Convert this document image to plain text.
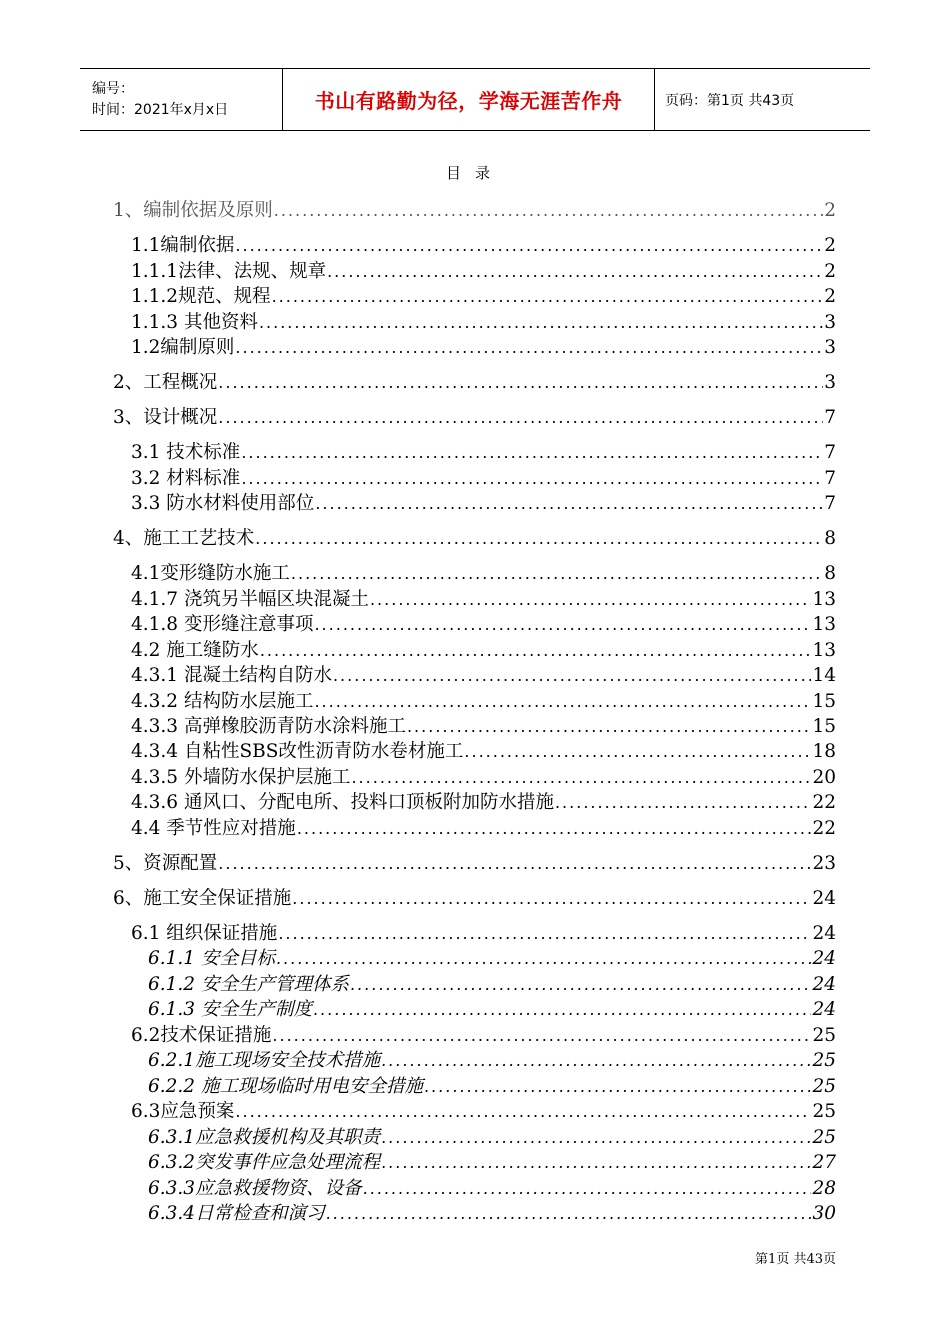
编号：
时间：2021年x月x日	书山有路勤为径，学海无涯苦作舟	页码：第1页 共43页
目录
1、编制依据及原则 .....	2
1.1编制依据 .....	2
1.1.1法律、法规、规章 .....	2
1.1.2规范、规程 .....	2
1.1.3 其他资料 .....	3
1.2编制原则 .....	3
2、工程概况 .....	3
3、设计概况 .....	7
3.1 技术标准 .....	7
3.2 材料标准 .....	7
3.3 防水材料使用部位 .....	7
4、施工工艺技术 .....	8
4.1变形缝防水施工 .....	8
4.1.7 浇筑另半幅区块混凝土 .....	13
4.1.8 变形缝注意事项 .....	13
4.2 施工缝防水 .....	13
4.3.1 混凝土结构自防水 .....	14
4.3.2 结构防水层施工 .....	15
4.3.3 高弹橡胶沥青防水涂料施工 .....	15
4.3.4 自粘性SBS改性沥青防水卷材施工 .....	18
4.3.5 外墙防水保护层施工 .....	20
4.3.6 通风口、分配电所、投料口顶板附加防水措施 .....	22
4.4 季节性应对措施 .....	22
5、资源配置 .....	23
6、施工安全保证措施 .....	24
6.1 组织保证措施 .....	24
6.1.1 安全目标 .....	24
6.1.2 安全生产管理体系 .....	24
6.1.3 安全生产制度 .....	24
6.2技术保证措施 .....	25
6.2.1施工现场安全技术措施 .....	25
6.2.2 施工现场临时用电安全措施 .....	25
6.3应急预案 .....	25
6.3.1应急救援机构及其职责 .....	25
6.3.2突发事件应急处理流程 .....	27
6.3.3应急救援物资、设备 .....	28
6.3.4日常检查和演习 .....	30
第1页 共43页
